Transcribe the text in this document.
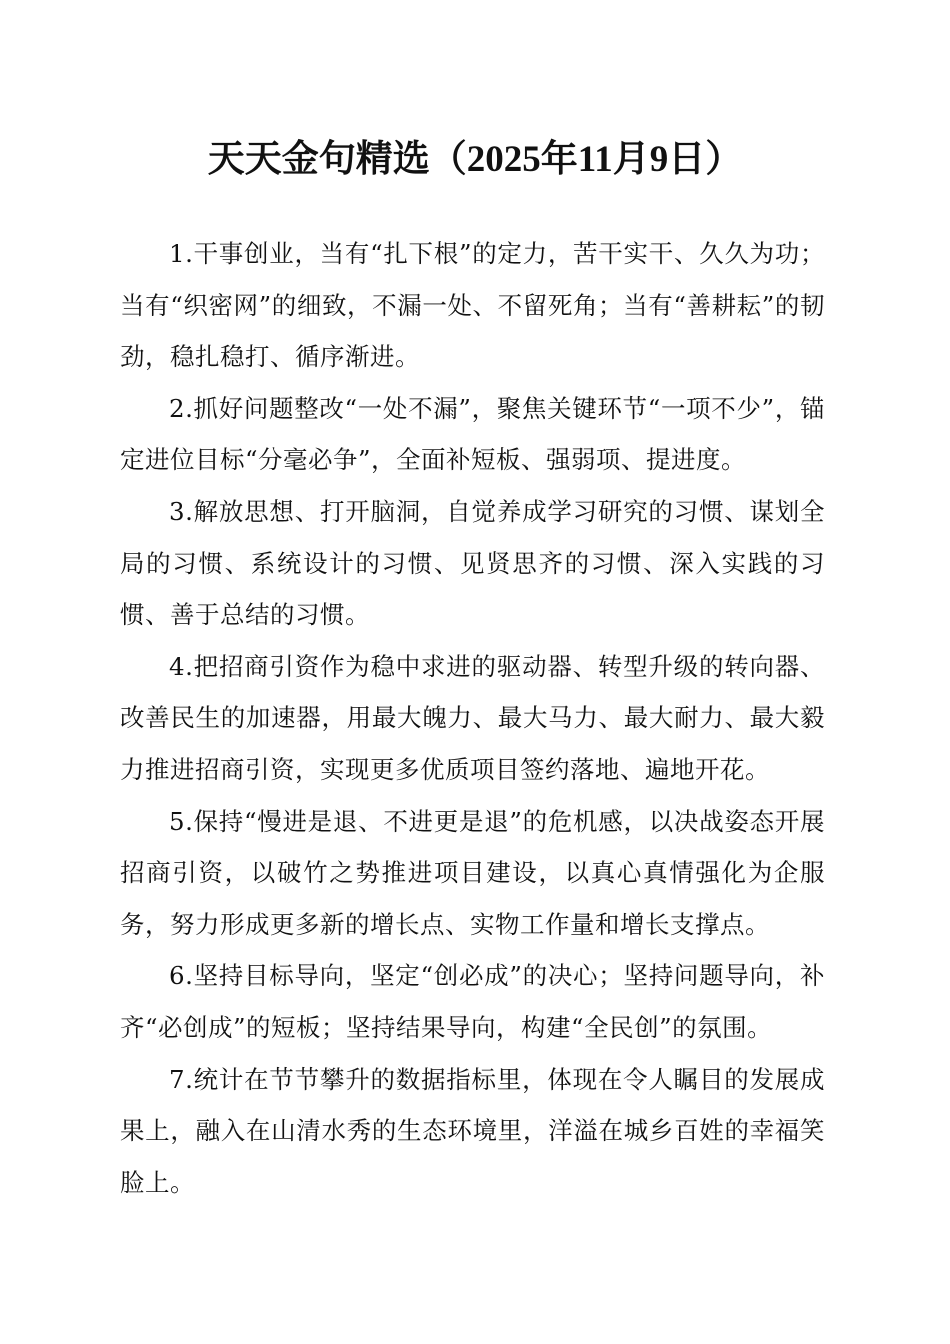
天天金句精选（2025年11月9日）

1.干事创业，当有“扎下根”的定力，苦干实干、久久为功；当有“织密网”的细致，不漏一处、不留死角；当有“善耕耘”的韧劲，稳扎稳打、循序渐进。

2.抓好问题整改“一处不漏”，聚焦关键环节“一项不少”，锚定进位目标“分毫必争”，全面补短板、强弱项、提进度。

3.解放思想、打开脑洞，自觉养成学习研究的习惯、谋划全局的习惯、系统设计的习惯、见贤思齐的习惯、深入实践的习惯、善于总结的习惯。

4.把招商引资作为稳中求进的驱动器、转型升级的转向器、改善民生的加速器，用最大魄力、最大马力、最大耐力、最大毅力推进招商引资，实现更多优质项目签约落地、遍地开花。

5.保持“慢进是退、不进更是退”的危机感，以决战姿态开展招商引资，以破竹之势推进项目建设，以真心真情强化为企服务，努力形成更多新的增长点、实物工作量和增长支撑点。

6.坚持目标导向，坚定“创必成”的决心；坚持问题导向，补齐“必创成”的短板；坚持结果导向，构建“全民创”的氛围。

7.统计在节节攀升的数据指标里，体现在令人瞩目的发展成果上，融入在山清水秀的生态环境里，洋溢在城乡百姓的幸福笑脸上。
